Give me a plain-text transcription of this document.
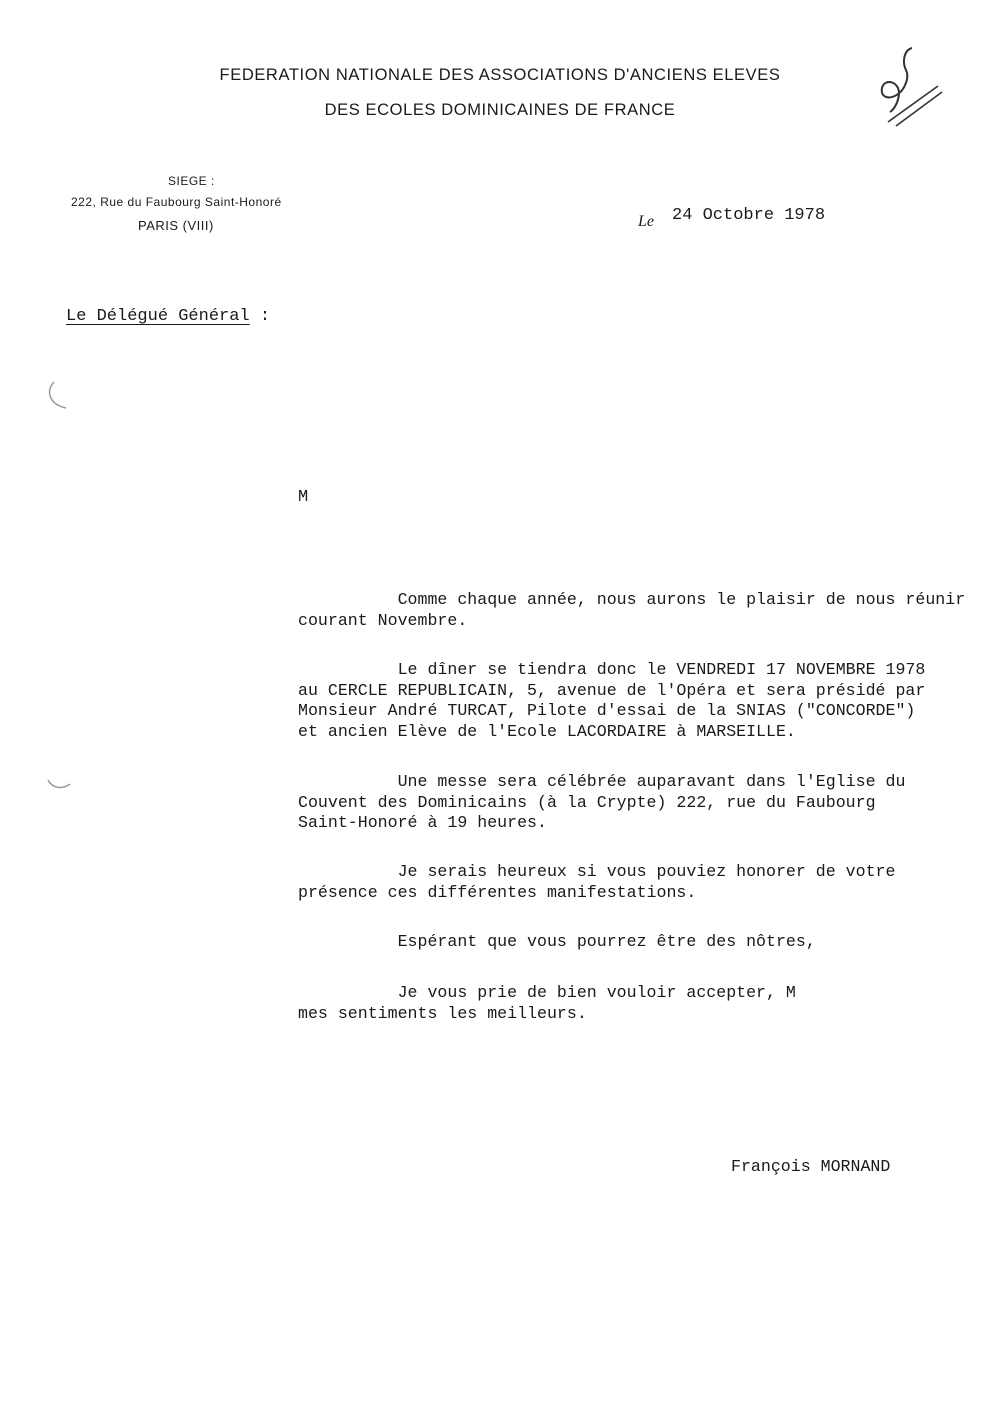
FEDERATION NATIONALE DES ASSOCIATIONS D'ANCIENS ELEVES
DES ECOLES DOMINICAINES DE FRANCE
SIEGE :
222, Rue du Faubourg Saint-Honoré
PARIS (VIII)	Le 24 Octobre 1978
Le Délégué Général :
M
Comme chaque année, nous aurons le plaisir de nous réunir
courant Novembre.
Le dîner se tiendra donc le VENDREDI 17 NOVEMBRE 1978
au CERCLE REPUBLICAIN, 5, avenue de l'Opéra et sera présidé par
Monsieur André TURCAT, Pilote d'essai de la SNIAS ("CONCORDE")
et ancien Elève de l'Ecole LACORDAIRE à MARSEILLE.
Une messe sera célébrée auparavant dans l'Eglise du
Couvent des Dominicains (à la Crypte) 222, rue du Faubourg
Saint-Honoré à 19 heures.
Je serais heureux si vous pouviez honorer de votre
présence ces différentes manifestations.
Espérant que vous pourrez être des nôtres,
Je vous prie de bien vouloir accepter, M
mes sentiments les meilleurs.
François MORNAND
